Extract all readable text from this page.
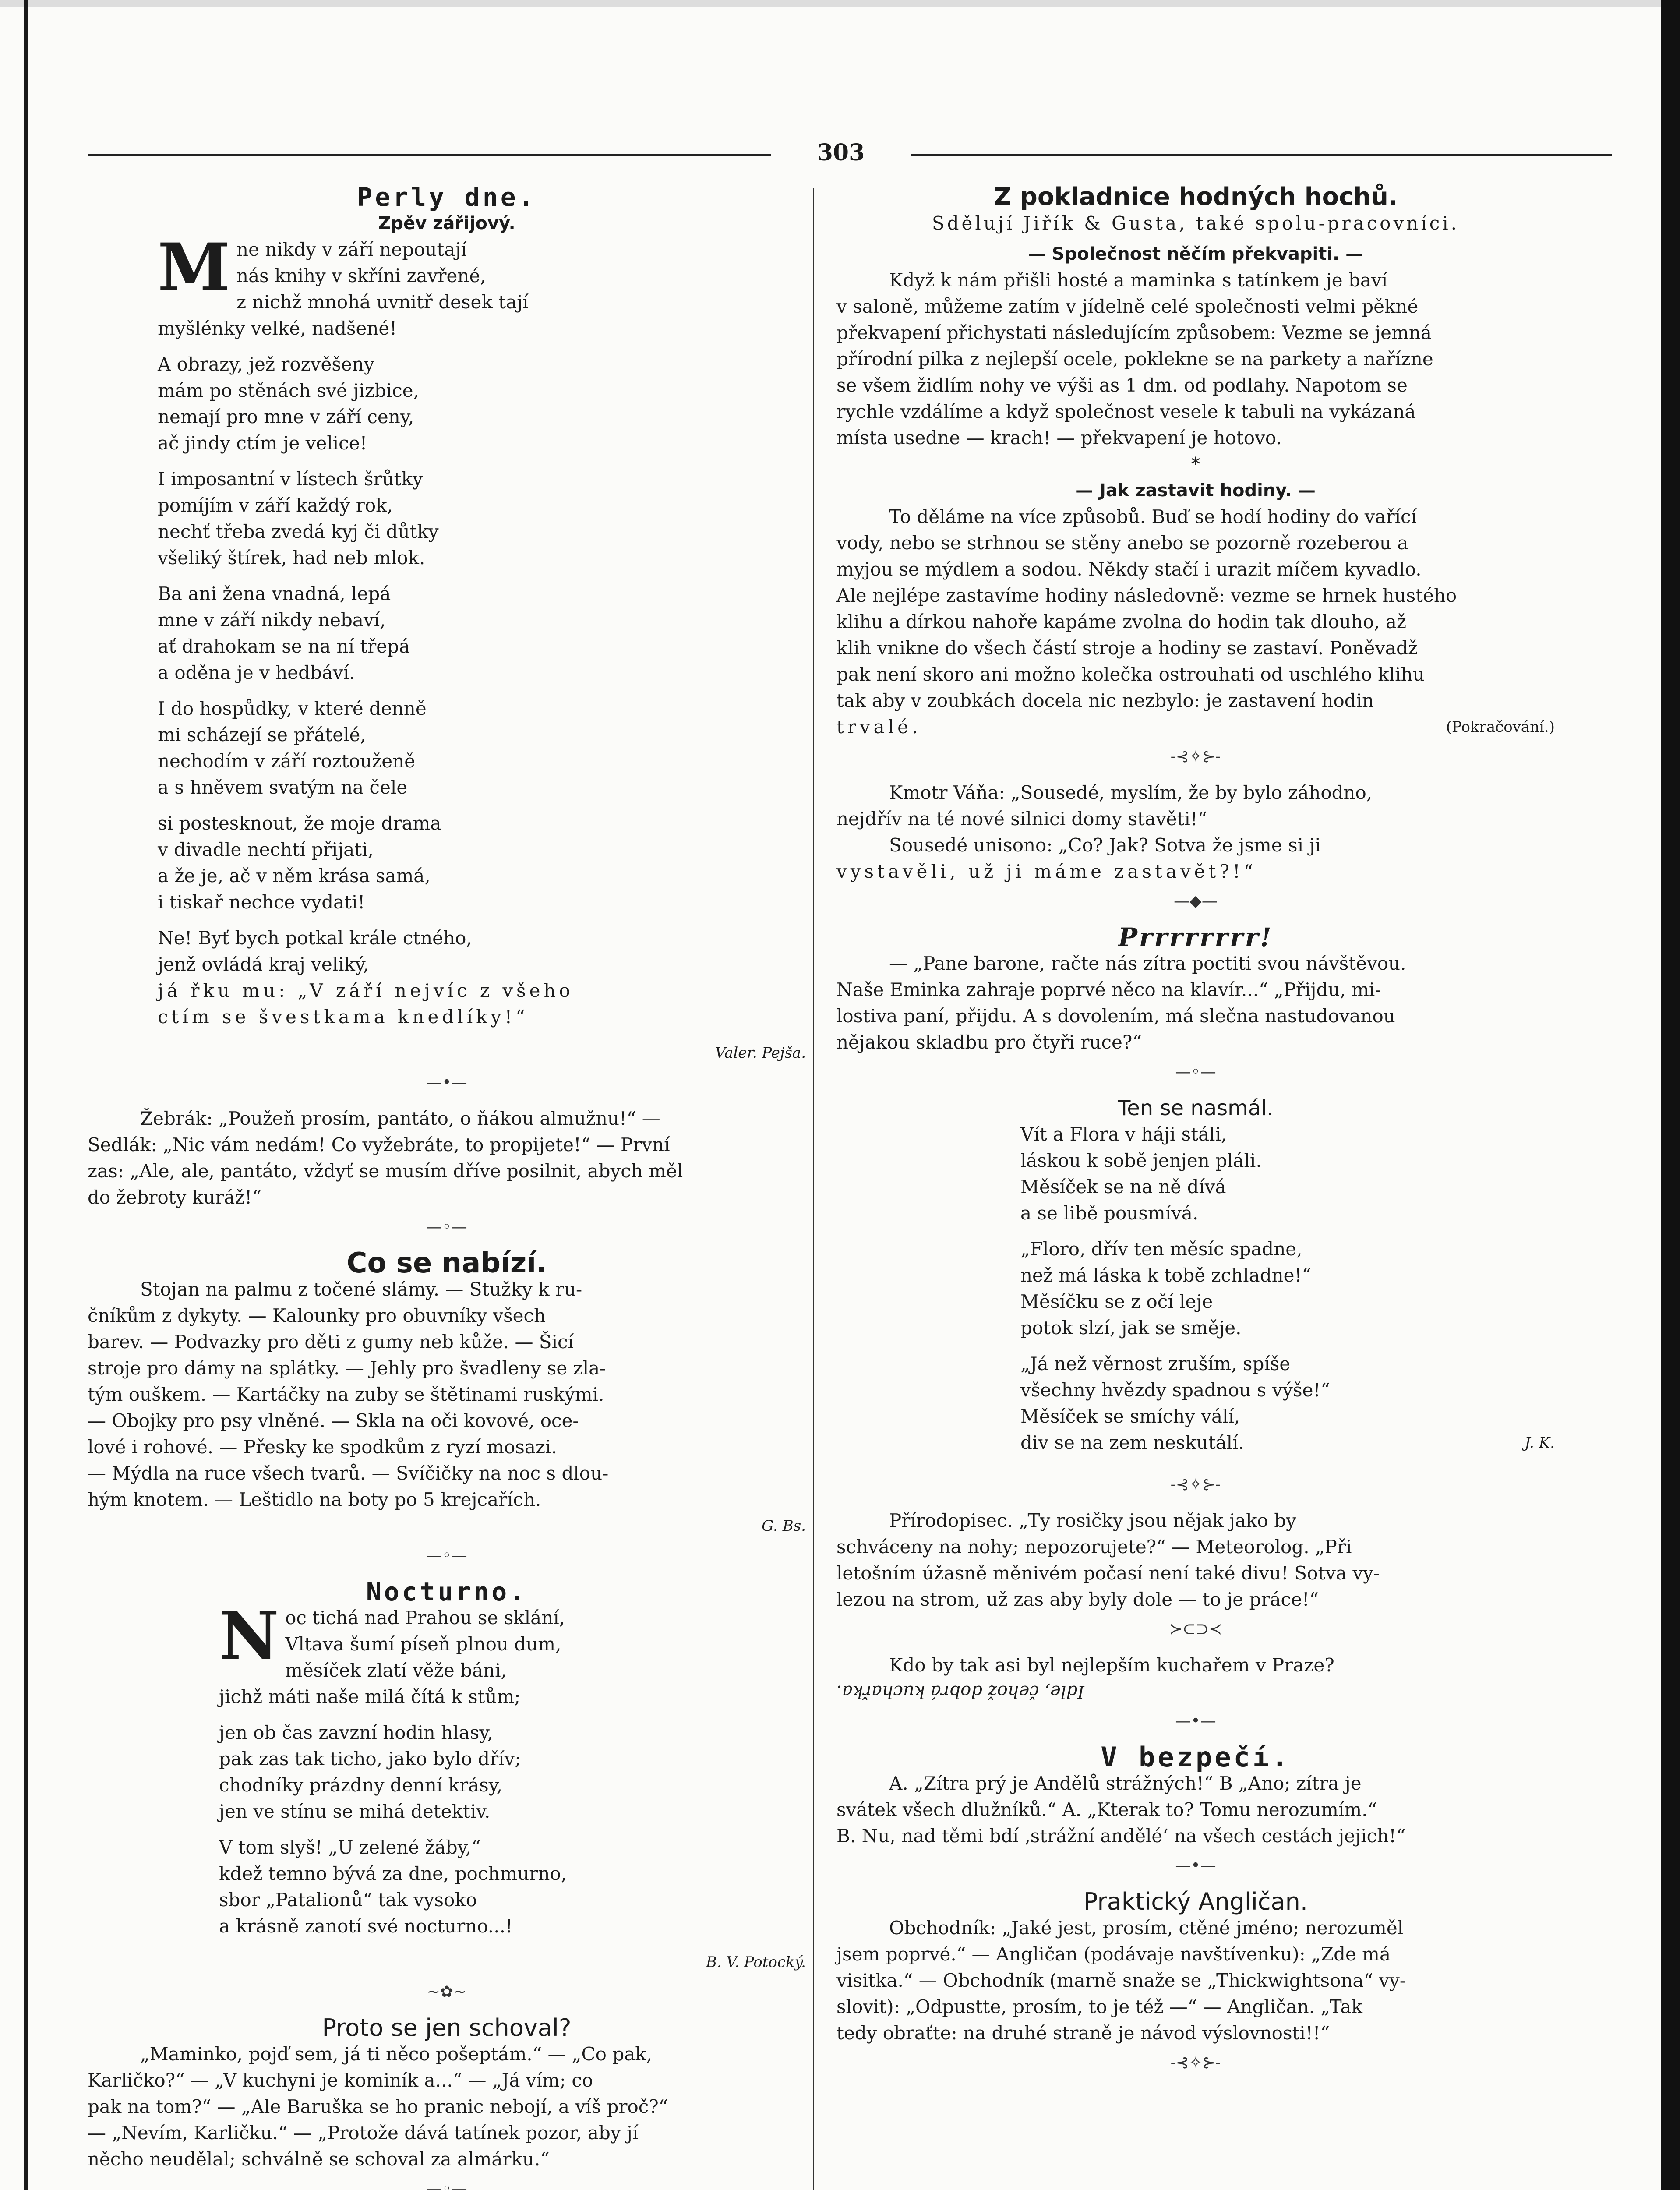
303
Perly dne.
Zpěv zářijový.
M ne nikdy v září nepoutají
nás knihy v skříni zavřené,
z nichž mnohá uvnitř desek tají
myšlénky velké, nadšené!
A obrazy, jež rozvěšeny
mám po stěnách své jizbice,
nemají pro mne v září ceny,
ač jindy ctím je velice!
I imposantní v lístech šrůtky
pomíjím v září každý rok,
nechť třeba zvedá kyj či důtky
všeliký štírek, had neb mlok.
Ba ani žena vnadná, lepá
mne v září nikdy nebaví,
ať drahokam se na ní třepá
a oděna je v hedbáví.
I do hospůdky, v které denně
mi scházejí se přátelé,
nechodím v září roztouženě
a s hněvem svatým na čele
si postesknout, že moje drama
v divadle nechtí přijati,
a že je, ač v něm krása samá,
i tiskař nechce vydati!
Ne! Byť bych potkal krále ctného,
jenž ovládá kraj veliký,
já řku mu: „V září nejvíc z všeho
ctím se švestkama knedlíky!“
Valer. Pejša.
—•—
Žebrák: „Použeň prosím, pantáto, o ňákou almužnu!“ —
Sedlák: „Nic vám nedám! Co vyžebráte, to propijete!“ — První
zas: „Ale, ale, pantáto, vždyť se musím dříve posilnit, abych měl
do žebroty kuráž!“
—◦—
Co se nabízí.
Stojan na palmu z točené slámy. — Stužky k ru-
čníkům z dykyty. — Kalounky pro obuvníky všech
barev. — Podvazky pro děti z gumy neb kůže. — Šicí
stroje pro dámy na splátky. — Jehly pro švadleny se zla-
tým ouškem. — Kartáčky na zuby se štětinami ruskými.
— Obojky pro psy vlněné. — Skla na oči kovové, oce-
lové i rohové. — Přesky ke spodkům z ryzí mosazi.
— Mýdla na ruce všech tvarů. — Svíčičky na noc s dlou-
hým knotem. — Leštidlo na boty po 5 krejcařích.
G. Bs.
—◦—
Nocturno.
N oc tichá nad Prahou se sklání,
Vltava šumí píseň plnou dum,
měsíček zlatí věže báni,
jichž máti naše milá čítá k stům;
jen ob čas zavzní hodin hlasy,
pak zas tak ticho, jako bylo dřív;
chodníky prázdny denní krásy,
jen ve stínu se mihá detektiv.
V tom slyš! „U zelené žáby,“
kdež temno bývá za dne, pochmurno,
sbor „Patalionů“ tak vysoko
a krásně zanotí své nocturno...!
B. V. Potocký.
~✿~
Proto se jen schoval?
„Maminko, pojď sem, já ti něco pošeptám.“ — „Co pak,
Karličko?“ — „V kuchyni je kominík a...“ — „Já vím; co
pak na tom?“ — „Ale Baruška se ho pranic nebojí, a víš proč?“
— „Nevím, Karličku.“ — „Protože dává tatínek pozor, aby jí
něcho neudělal; schválně se schoval za almárku.“
—◦—
Z pokladnice hodných hochů.
Sdělují Jiřík & Gusta, také spolu-pracovníci.
— Společnost něčím překvapiti. —
Když k nám přišli hosté a maminka s tatínkem je baví
v saloně, můžeme zatím v jídelně celé společnosti velmi pěkné
překvapení přichystati následujícím způsobem: Vezme se jemná
přírodní pilka z nejlepší ocele, poklekne se na parkety a nařízne
se všem židlím nohy ve výši as 1 dm. od podlahy. Napotom se
rychle vzdálíme a když společnost vesele k tabuli na vykázaná
místa usedne — krach! — překvapení je hotovo.
*
— Jak zastavit hodiny. —
To děláme na více způsobů. Buď se hodí hodiny do vařící
vody, nebo se strhnou se stěny anebo se pozorně rozeberou a
myjou se mýdlem a sodou. Někdy stačí i urazit míčem kyvadlo.
Ale nejlépe zastavíme hodiny následovně: vezme se hrnek hustého
klihu a dírkou nahoře kapáme zvolna do hodin tak dlouho, až
klih vnikne do všech částí stroje a hodiny se zastaví. Poněvadž
pak není skoro ani možno kolečka ostrouhati od uschlého klihu
tak aby v zoubkách docela nic nezbylo: je zastavení hodin
trvalé.	(Pokračování.)
-⊰✧⊱-
Kmotr Váňa: „Sousedé, myslím, že by bylo záhodno,
nejdřív na té nové silnici domy stavěti!“
Sousedé unisono: „Co? Jak? Sotva že jsme si ji
vystavěli, už ji máme zastavět?!“
—◆—
Prrrrrrrr!
— „Pane barone, račte nás zítra poctiti svou návštěvou.
Naše Eminka zahraje poprvé něco na klavír...“ „Přijdu, mi-
lostiva paní, přijdu. A s dovolením, má slečna nastudovanou
nějakou skladbu pro čtyři ruce?“
—◦—
Ten se nasmál.
Vít a Flora v háji stáli,
láskou k sobě jenjen pláli.
Měsíček se na ně dívá
a se libě pousmívá.
„Floro, dřív ten měsíc spadne,
než má láska k tobě zchladne!“
Měsíčku se z očí leje
potok slzí, jak se směje.
„Já než věrnost zruším, spíše
všechny hvězdy spadnou s výše!“
Měsíček se smíchy válí,
div se na zem neskutálí.	J. K.
-⊰✧⊱-
Přírodopisec. „Ty rosičky jsou nějak jako by
schváceny na nohy; nepozorujete?“ — Meteorolog. „Při
letošním úžasně měnivém počasí není také divu! Sotva vy-
lezou na strom, už zas aby byly dole — to je práce!“
≻⊂⊃≺
Kdo by tak asi byl nejlepším kuchařem v Praze?
Idle, čehož dobrá kuchařka.
—•—
V bezpečí.
A. „Zítra prý je Andělů strážných!“ B „Ano; zítra je
svátek všech dlužníků.“ A. „Kterak to? Tomu nerozumím.“
B. Nu, nad těmi bdí ‚strážní andělé‘ na všech cestách jejich!“
—•—
Praktický Angličan.
Obchodník: „Jaké jest, prosím, ctěné jméno; nerozuměl
jsem poprvé.“ — Angličan (podávaje navštívenku): „Zde má
visitka.“ — Obchodník (marně snaže se „Thickwightsona“ vy-
slovit): „Odpustte, prosím, to je též —“ — Angličan. „Tak
tedy obraťte: na druhé straně je návod výslovnosti!!“
-⊰✧⊱-
